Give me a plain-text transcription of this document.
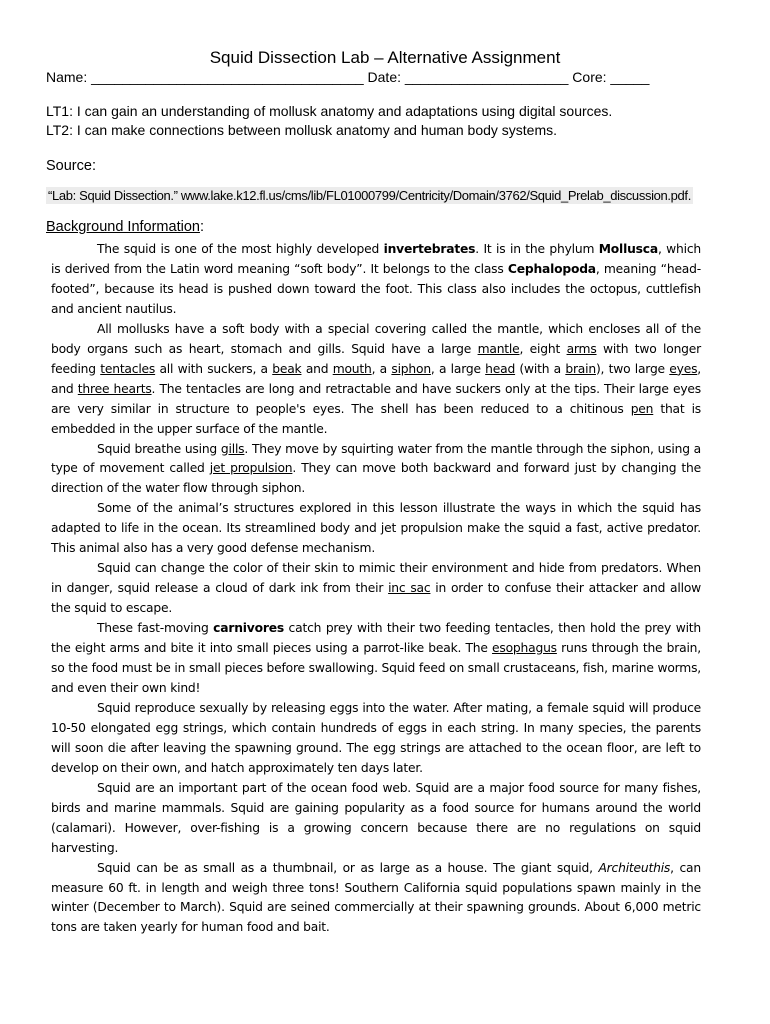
Squid Dissection Lab – Alternative Assignment
Name: ___________________________________ Date: _____________________ Core: _____
LT1: I can gain an understanding of mollusk anatomy and adaptations using digital sources.
LT2: I can make connections between mollusk anatomy and human body systems.
Source:
“Lab: Squid Dissection.” www.lake.k12.fl.us/cms/lib/FL01000799/Centricity/Domain/3762/Squid_Prelab_discussion.pdf.
Background Information:

The squid is one of the most highly developed invertebrates. It is in the phylum Mollusca, which is derived from the Latin word meaning “soft body”. It belongs to the class Cephalopoda, meaning “head-footed”, because its head is pushed down toward the foot. This class also includes the octopus, cuttlefish and ancient nautilus.

All mollusks have a soft body with a special covering called the mantle, which encloses all of the body organs such as heart, stomach and gills. Squid have a large mantle, eight arms with two longer feeding tentacles all with suckers, a beak and mouth, a siphon, a large head (with a brain), two large eyes, and three hearts. The tentacles are long and retractable and have suckers only at the tips. Their large eyes are very similar in structure to people's eyes. The shell has been reduced to a chitinous pen that is embedded in the upper surface of the mantle.

Squid breathe using gills. They move by squirting water from the mantle through the siphon, using a type of movement called jet propulsion. They can move both backward and forward just by changing the direction of the water flow through siphon.

Some of the animal’s structures explored in this lesson illustrate the ways in which the squid has adapted to life in the ocean. Its streamlined body and jet propulsion make the squid a fast, active predator. This animal also has a very good defense mechanism.

Squid can change the color of their skin to mimic their environment and hide from predators. When in danger, squid release a cloud of dark ink from their inc sac in order to confuse their attacker and allow the squid to escape.

These fast-moving carnivores catch prey with their two feeding tentacles, then hold the prey with the eight arms and bite it into small pieces using a parrot-like beak. The esophagus runs through the brain, so the food must be in small pieces before swallowing. Squid feed on small crustaceans, fish, marine worms, and even their own kind!

Squid reproduce sexually by releasing eggs into the water. After mating, a female squid will produce 10-50 elongated egg strings, which contain hundreds of eggs in each string. In many species, the parents will soon die after leaving the spawning ground. The egg strings are attached to the ocean floor, are left to develop on their own, and hatch approximately ten days later.

Squid are an important part of the ocean food web. Squid are a major food source for many fishes, birds and marine mammals. Squid are gaining popularity as a food source for humans around the world (calamari). However, over-fishing is a growing concern because there are no regulations on squid harvesting.

Squid can be as small as a thumbnail, or as large as a house. The giant squid, Architeuthis, can measure 60 ft. in length and weigh three tons! Southern California squid populations spawn mainly in the winter (December to March). Squid are seined commercially at their spawning grounds. About 6,000 metric tons are taken yearly for human food and bait.
